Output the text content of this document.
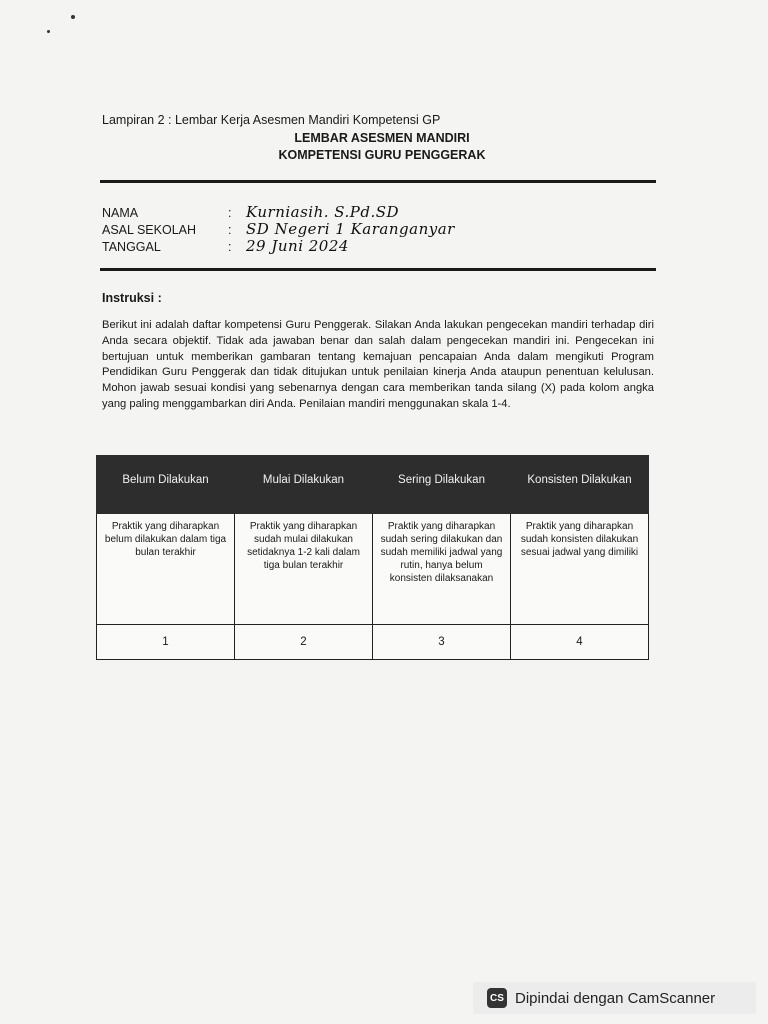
Lampiran 2 : Lembar Kerja Asesmen Mandiri Kompetensi GP
LEMBAR ASESMEN MANDIRI
KOMPETENSI GURU PENGGERAK
NAMA	: Kurniasih. S.Pd.SD
ASAL SEKOLAH	: SD Negeri 1 Karanganyar
TANGGAL	: 29 Juni 2024
Instruksi :
Berikut ini adalah daftar kompetensi Guru Penggerak. Silakan Anda lakukan pengecekan mandiri terhadap diri Anda secara objektif. Tidak ada jawaban benar dan salah dalam pengecekan mandiri ini. Pengecekan ini bertujuan untuk memberikan gambaran tentang kemajuan pencapaian Anda dalam mengikuti Program Pendidikan Guru Penggerak dan tidak ditujukan untuk penilaian kinerja Anda ataupun penentuan kelulusan. Mohon jawab sesuai kondisi yang sebenarnya dengan cara memberikan tanda silang (X) pada kolom angka yang paling menggambarkan diri Anda. Penilaian mandiri menggunakan skala 1-4.
Belum Dilakukan	Mulai Dilakukan	Sering Dilakukan	Konsisten Dilakukan
Praktik yang diharapkan belum dilakukan dalam tiga bulan terakhir	Praktik yang diharapkan sudah mulai dilakukan setidaknya 1-2 kali dalam tiga bulan terakhir	Praktik yang diharapkan sudah sering dilakukan dan sudah memiliki jadwal yang rutin, hanya belum konsisten dilaksanakan	Praktik yang diharapkan sudah konsisten dilakukan sesuai jadwal yang dimiliki
1	2	3	4
CS Dipindai dengan CamScanner
